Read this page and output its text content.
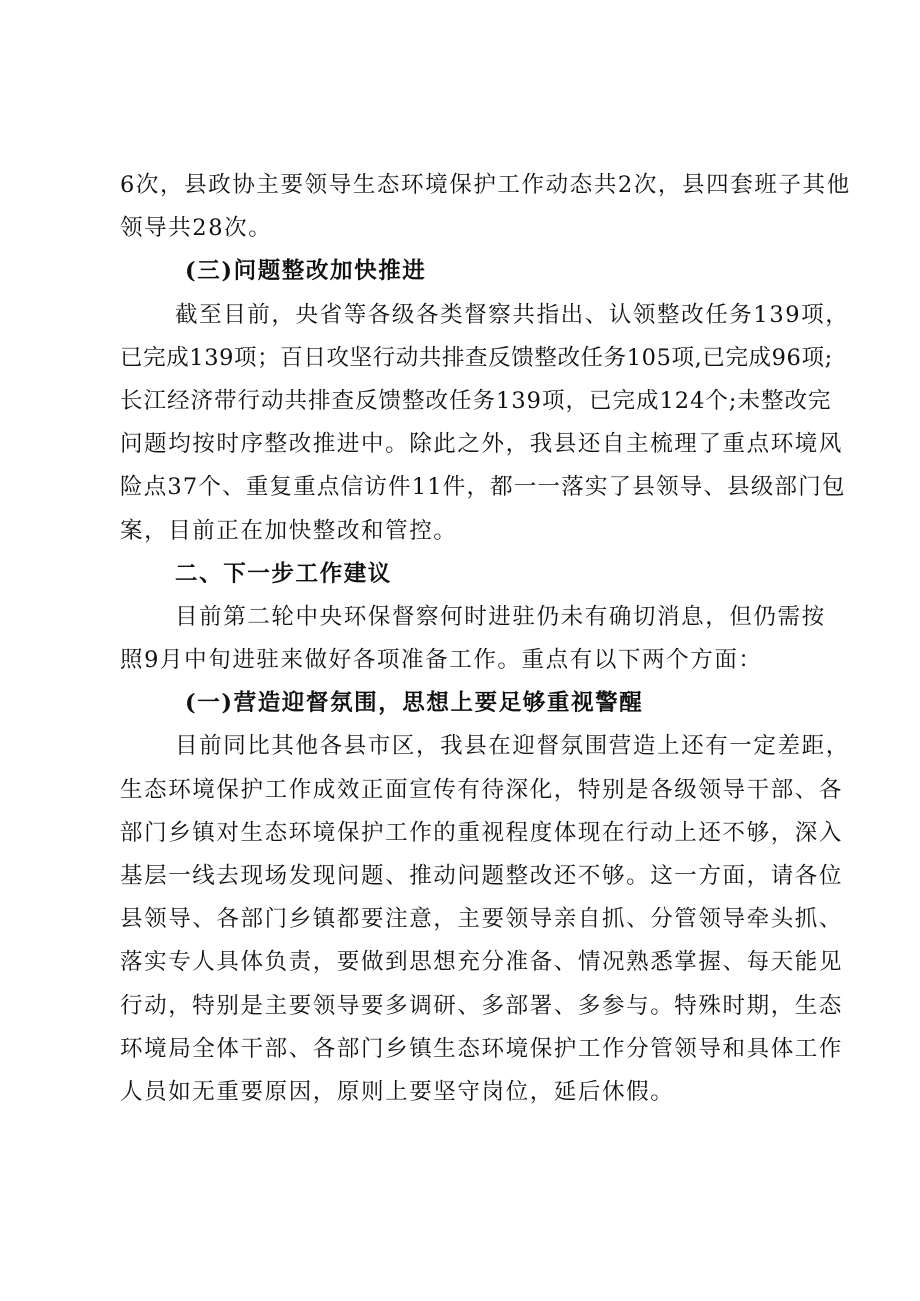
6次，县政协主要领导生态环境保护工作动态共2次，县四套班子其他
领导共28次。
(三)问题整改加快推进
截至目前，央省等各级各类督察共指出、认领整改任务139项，
已完成139项；百日攻坚行动共排查反馈整改任务105项,已完成96项;
长江经济带行动共排查反馈整改任务139项，已完成124个;未整改完
问题均按时序整改推进中。除此之外，我县还自主梳理了重点环境风
险点37个、重复重点信访件11件，都一一落实了县领导、县级部门包
案，目前正在加快整改和管控。
二、下一步工作建议
目前第二轮中央环保督察何时进驻仍未有确切消息，但仍需按
照9月中旬进驻来做好各项准备工作。重点有以下两个方面：
(一)营造迎督氛围，思想上要足够重视警醒
目前同比其他各县市区，我县在迎督氛围营造上还有一定差距，
生态环境保护工作成效正面宣传有待深化，特别是各级领导干部、各
部门乡镇对生态环境保护工作的重视程度体现在行动上还不够，深入
基层一线去现场发现问题、推动问题整改还不够。这一方面，请各位
县领导、各部门乡镇都要注意，主要领导亲自抓、分管领导牵头抓、
落实专人具体负责，要做到思想充分准备、情况熟悉掌握、每天能见
行动，特别是主要领导要多调研、多部署、多参与。特殊时期，生态
环境局全体干部、各部门乡镇生态环境保护工作分管领导和具体工作
人员如无重要原因，原则上要坚守岗位，延后休假。
